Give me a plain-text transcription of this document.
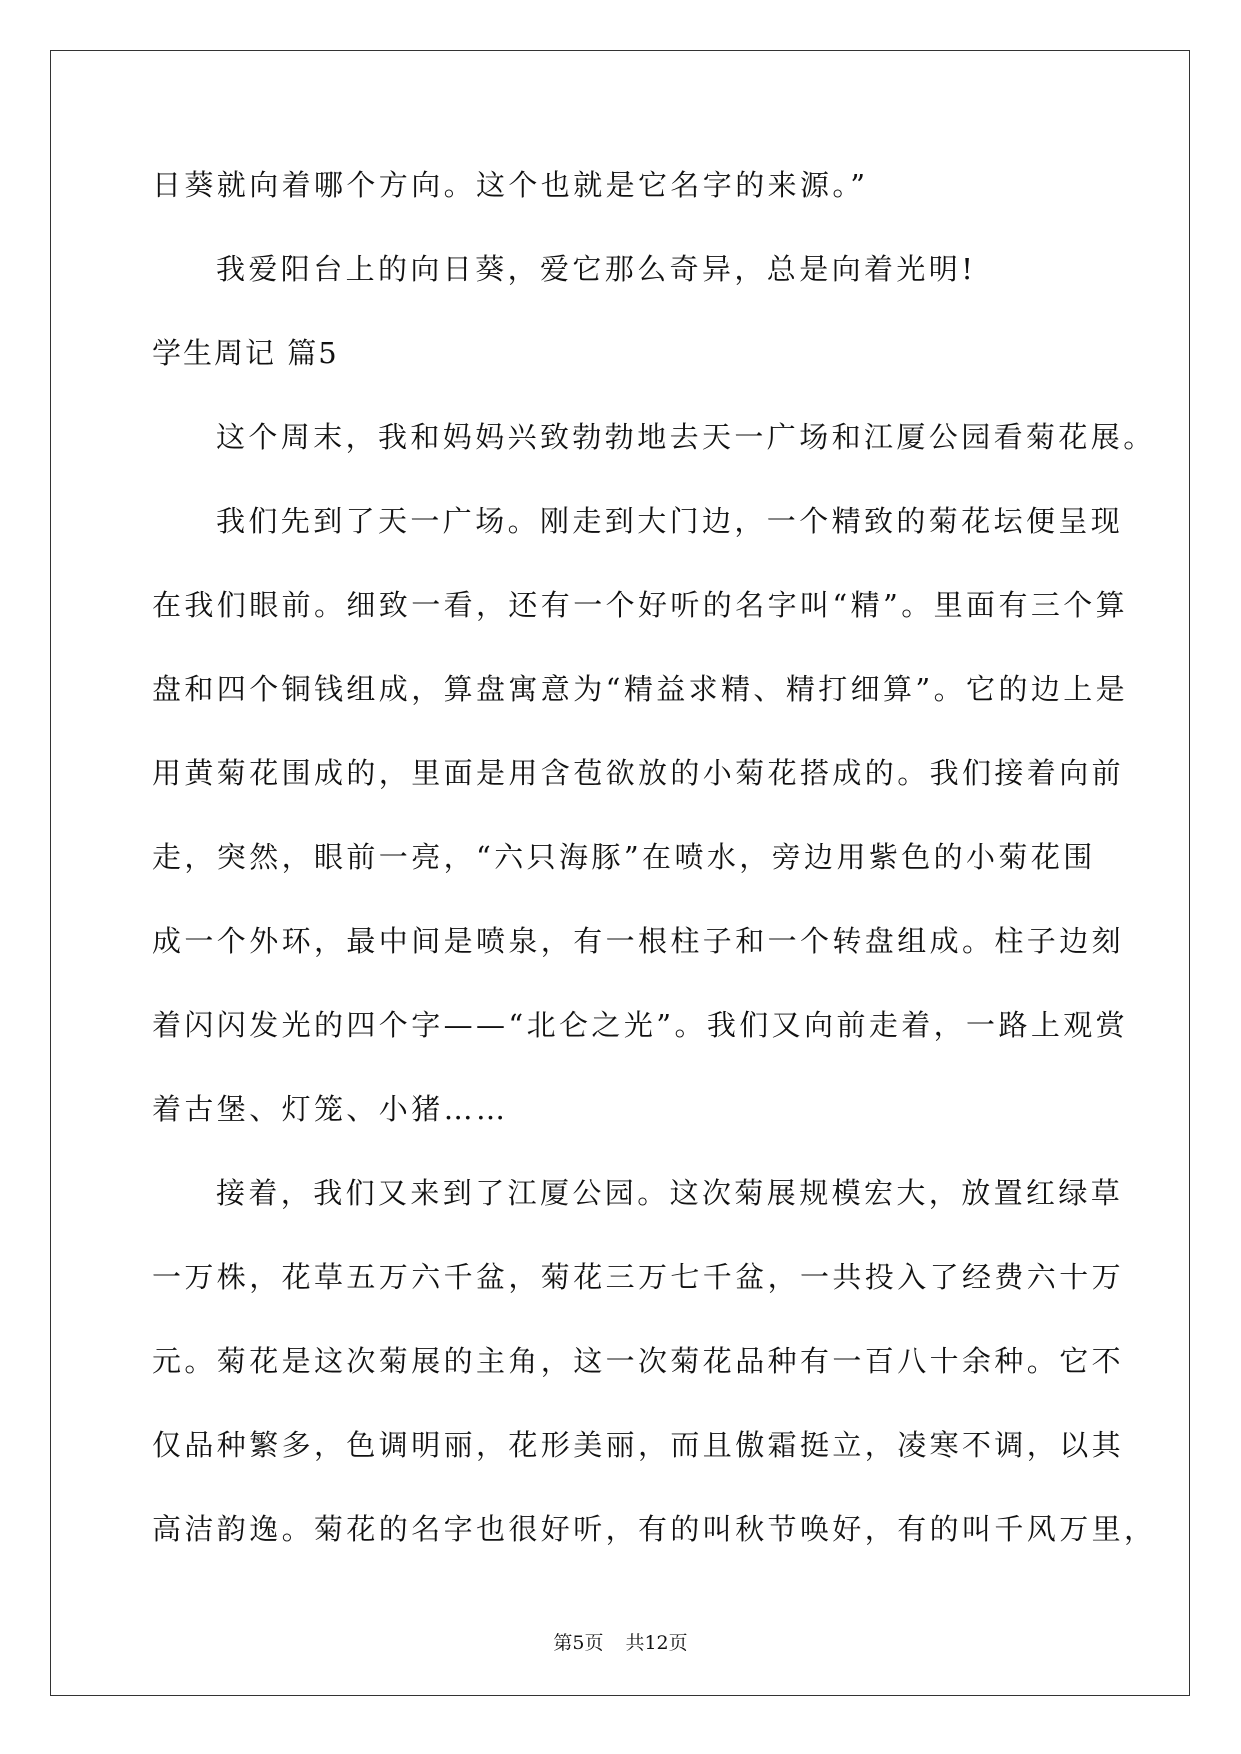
日葵就向着哪个方向。这个也就是它名字的来源。”
我爱阳台上的向日葵，爱它那么奇异，总是向着光明!
学生周记 篇5
这个周末，我和妈妈兴致勃勃地去天一广场和江厦公园看菊花展。
我们先到了天一广场。刚走到大门边，一个精致的菊花坛便呈现
在我们眼前。细致一看，还有一个好听的名字叫“精”。里面有三个算
盘和四个铜钱组成，算盘寓意为“精益求精、精打细算”。它的边上是
用黄菊花围成的，里面是用含苞欲放的小菊花搭成的。我们接着向前
走，突然，眼前一亮，“六只海豚”在喷水，旁边用紫色的小菊花围
成一个外环，最中间是喷泉，有一根柱子和一个转盘组成。柱子边刻
着闪闪发光的四个字——“北仑之光”。我们又向前走着，一路上观赏
着古堡、灯笼、小猪……
接着，我们又来到了江厦公园。这次菊展规模宏大，放置红绿草
一万株，花草五万六千盆，菊花三万七千盆，一共投入了经费六十万
元。菊花是这次菊展的主角，这一次菊花品种有一百八十余种。它不
仅品种繁多，色调明丽，花形美丽，而且傲霜挺立，凌寒不调，以其
高洁韵逸。菊花的名字也很好听，有的叫秋节唤好，有的叫千风万里，
第5页 共12页
